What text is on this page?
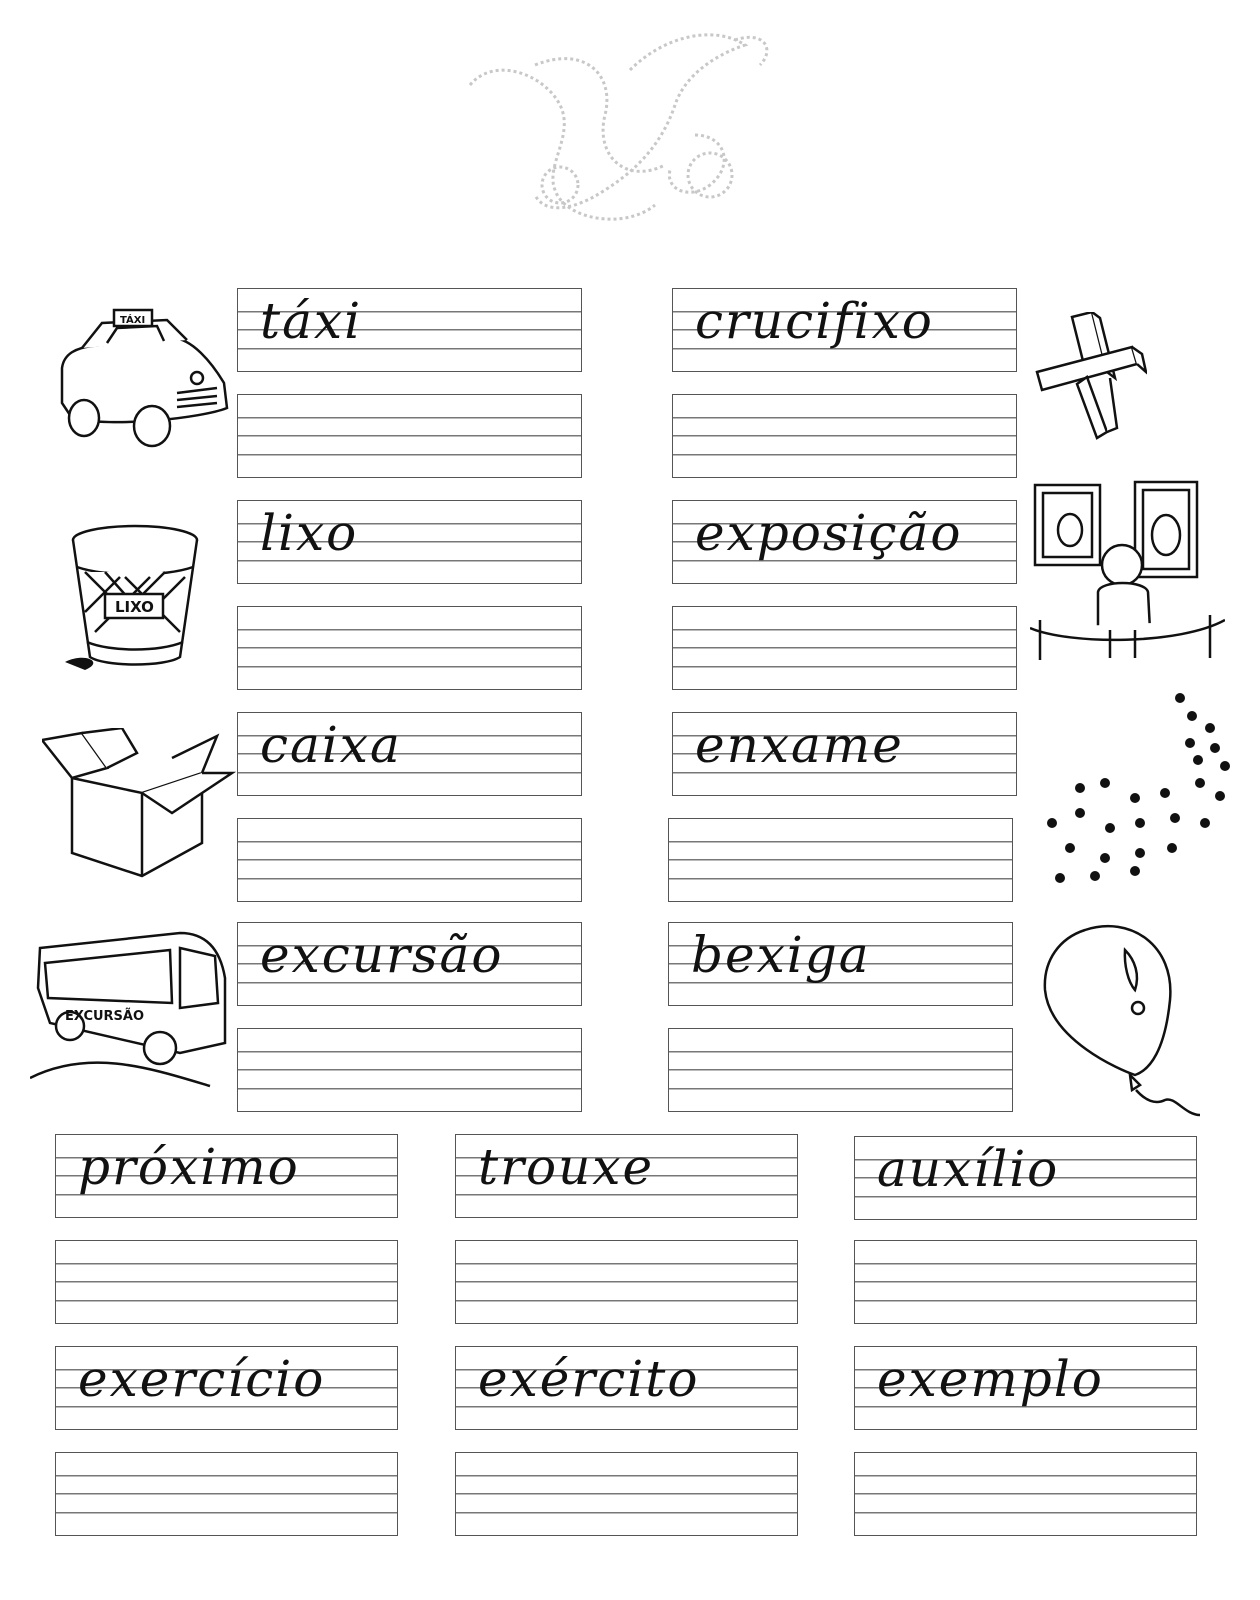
TÁXI táxi
LIXO
lixo
caixa
EXCURSÃO
excursão
crucifixo
exposição
enxame
bexiga
próximo	trouxe	auxílio
exercício	exército	exemplo
